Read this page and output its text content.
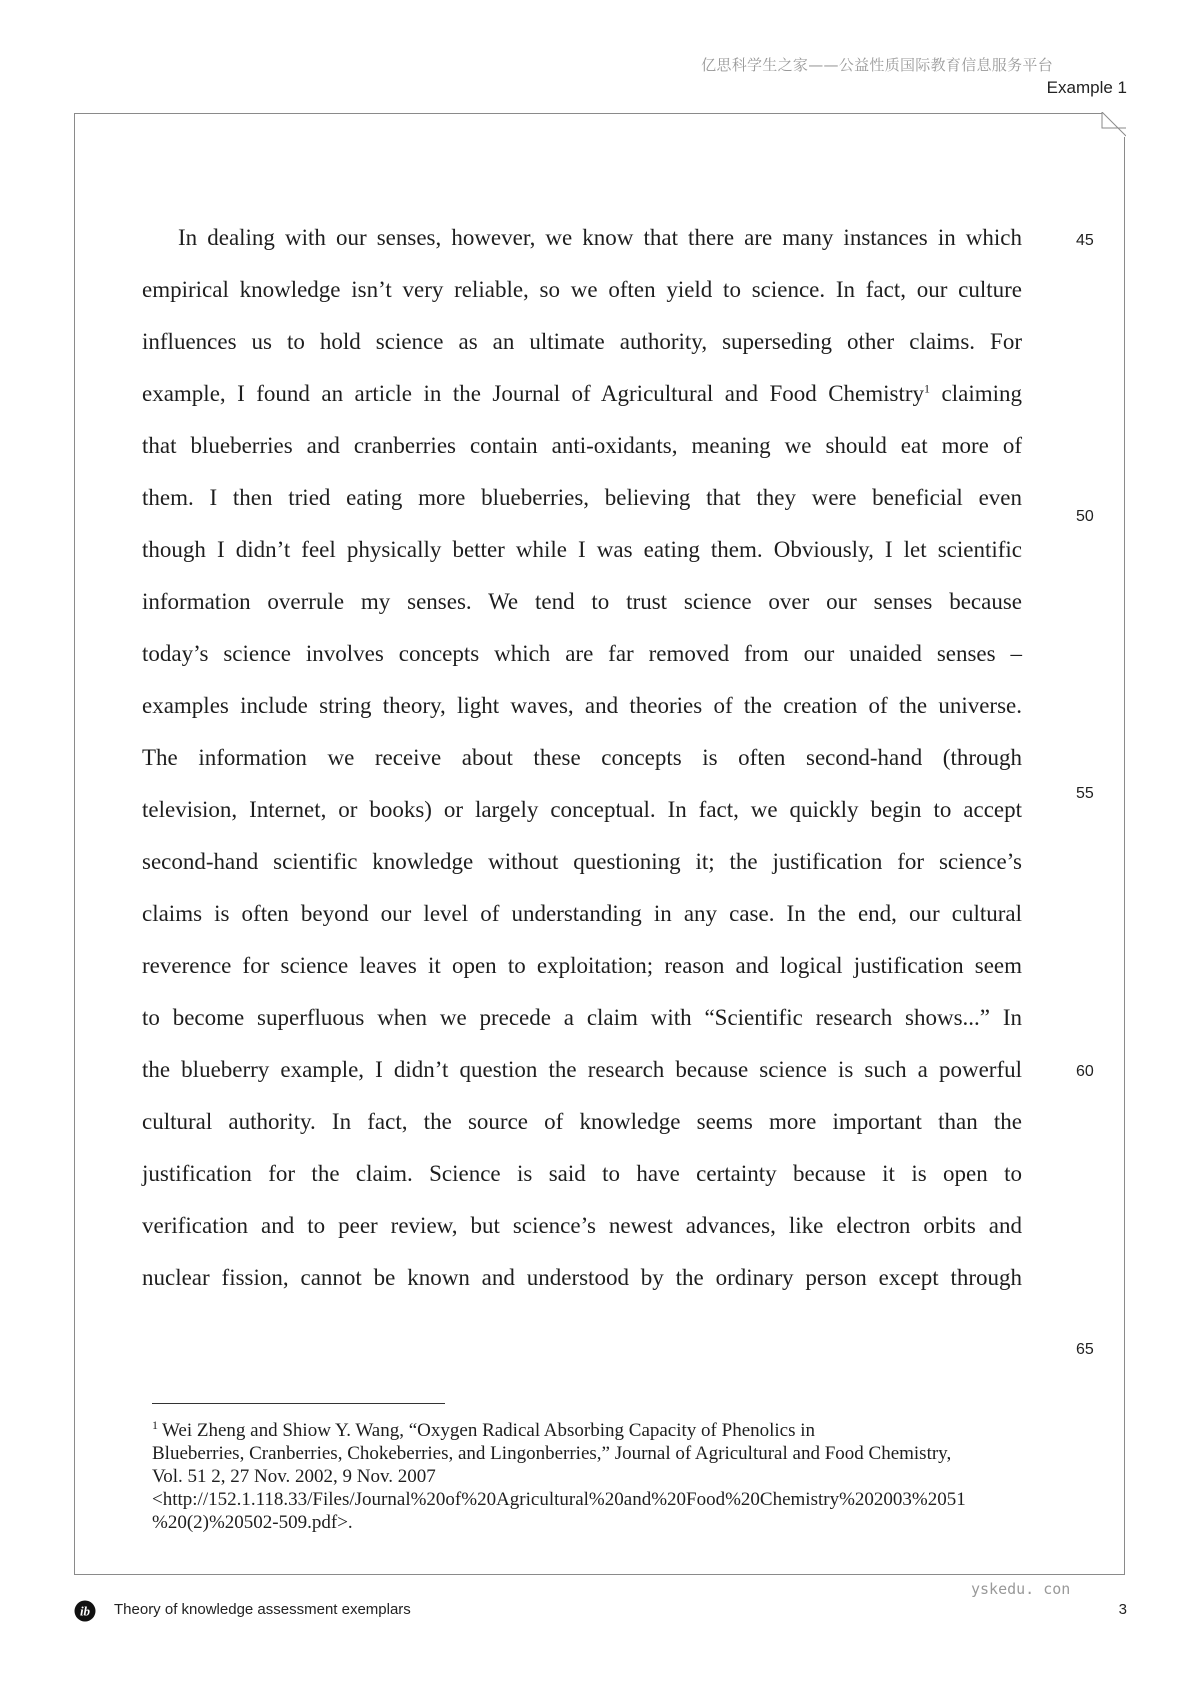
亿思科学生之家——公益性质国际教育信息服务平台
Example 1
In dealing with our senses, however, we know that there are many instances in which
empirical knowledge isn’t very reliable, so we often yield to science. In fact, our culture
influences us to hold science as an ultimate authority, superseding other claims. For
example, I found an article in the Journal of Agricultural and Food Chemistry$^1$ claiming
that blueberries and cranberries contain anti-oxidants, meaning we should eat more of
them. I then tried eating more blueberries, believing that they were beneficial even
though I didn’t feel physically better while I was eating them. Obviously, I let scientific
information overrule my senses. We tend to trust science over our senses because
today’s science involves concepts which are far removed from our unaided senses –
examples include string theory, light waves, and theories of the creation of the universe.
The information we receive about these concepts is often second-hand (through
television, Internet, or books) or largely conceptual. In fact, we quickly begin to accept
second-hand scientific knowledge without questioning it; the justification for science’s
claims is often beyond our level of understanding in any case. In the end, our cultural
reverence for science leaves it open to exploitation; reason and logical justification seem
to become superfluous when we precede a claim with “Scientific research shows...” In
the blueberry example, I didn’t question the research because science is such a powerful
cultural authority. In fact, the source of knowledge seems more important than the
justification for the claim. Science is said to have certainty because it is open to
verification and to peer review, but science’s newest advances, like electron orbits and
nuclear fission, cannot be known and understood by the ordinary person except through
45
50
55
60
65
$^1$ Wei Zheng and Shiow Y. Wang, “Oxygen Radical Absorbing Capacity of Phenolics in
Blueberries, Cranberries, Chokeberries, and Lingonberries,” Journal of Agricultural and Food Chemistry,
Vol. 51 2, 27 Nov. 2002, 9 Nov. 2007
<http://152.1.118.33/Files/Journal%20of%20Agricultural%20and%20Food%20Chemistry%202003%2051
%20(2)%20502-509.pdf>.
yskedu. con
ib Theory of knowledge assessment exemplars	3
